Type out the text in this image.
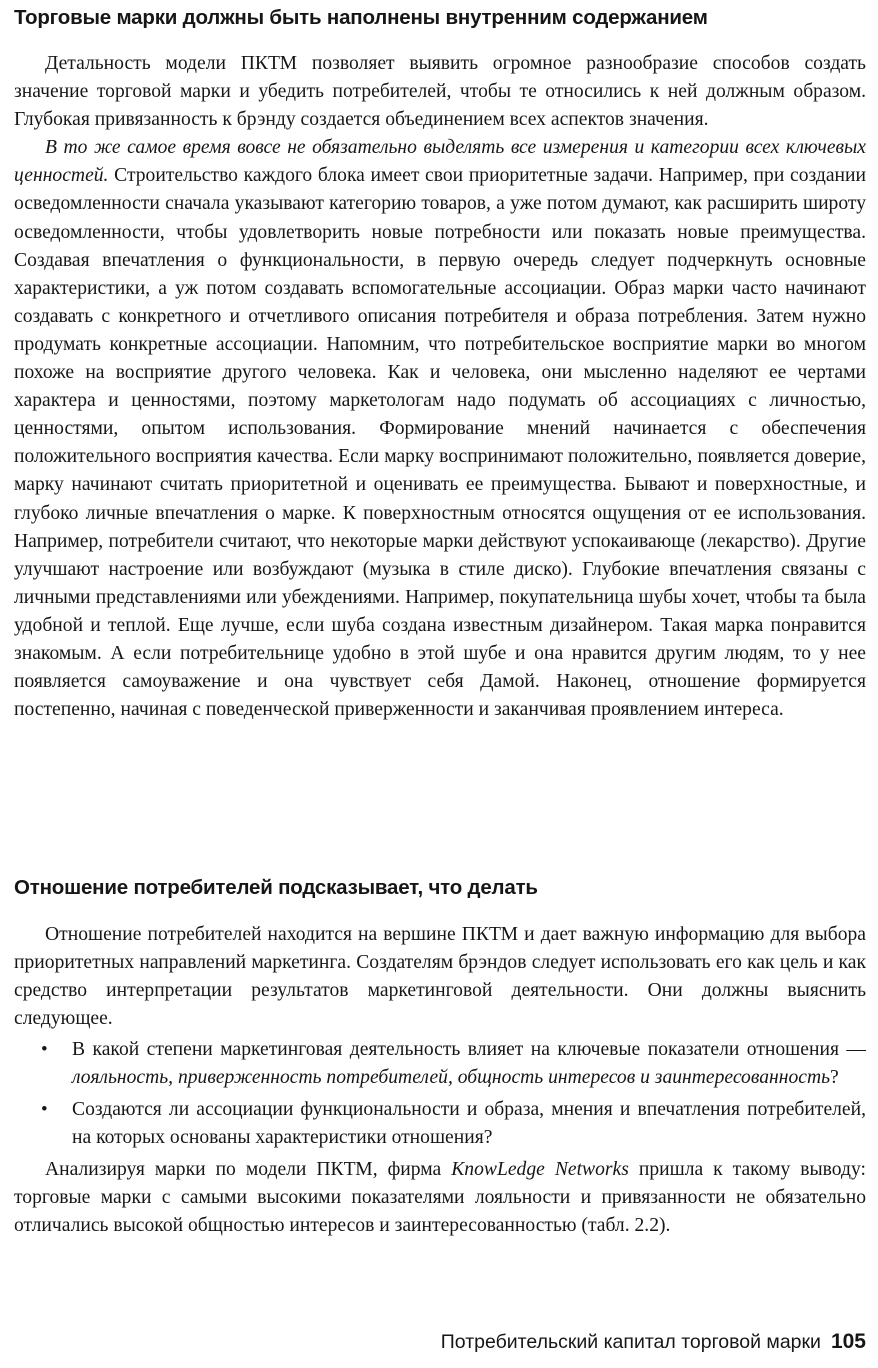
Торговые марки должны быть наполнены внутренним содержанием

Детальность модели ПКТМ позволяет выявить огромное разнообразие способов создать значение торговой марки и убедить потребителей, чтобы те относились к ней должным образом. Глубокая привязанность к брэнду создается объединением всех аспектов значения.

В то же самое время вовсе не обязательно выделять все измерения и категории всех ключевых ценностей. Строительство каждого блока имеет свои приоритетные задачи. Например, при создании осведомленности сначала указывают категорию товаров, а уже потом думают, как расширить широту осведомленности, чтобы удовлетворить новые потребности или показать новые преимущества. Создавая впечатления о функциональности, в первую очередь следует подчеркнуть основные характеристики, а уж потом создавать вспомогательные ассоциации. Образ марки часто начинают создавать с конкретного и отчетливого описания потребителя и образа потребления. Затем нужно продумать конкретные ассоциации. Напомним, что потребительское восприятие марки во многом похоже на восприятие другого человека. Как и человека, они мысленно наделяют ее чертами характера и ценностями, поэтому маркетологам надо подумать об ассоциациях с личностью, ценностями, опытом использования. Формирование мнений начинается с обеспечения положительного восприятия качества. Если марку воспринимают положительно, появляется доверие, марку начинают считать приоритетной и оценивать ее преимущества. Бывают и поверхностные, и глубоко личные впечатления о марке. К поверхностным относятся ощущения от ее использования. Например, потребители считают, что некоторые марки действуют успокаивающе (лекарство). Другие улучшают настроение или возбуждают (музыка в стиле диско). Глубокие впечатления связаны с личными представлениями или убеждениями. Например, покупательница шубы хочет, чтобы та была удобной и теплой. Еще лучше, если шуба создана известным дизайнером. Такая марка понравится знакомым. А если потребительнице удобно в этой шубе и она нравится другим людям, то у нее появляется самоуважение и она чувствует себя Дамой. Наконец, отношение формируется постепенно, начиная с поведенческой приверженности и заканчивая проявлением интереса.

Отношение потребителей подсказывает, что делать

Отношение потребителей находится на вершине ПКТМ и дает важную информацию для выбора приоритетных направлений маркетинга. Создателям брэндов следует использовать его как цель и как средство интерпретации результатов маркетинговой деятельности. Они должны выяснить следующее.

• В какой степени маркетинговая деятельность влияет на ключевые показатели отношения — лояльность, приверженность потребителей, общность интересов и заинтересованность?
• Создаются ли ассоциации функциональности и образа, мнения и впечатления потребителей, на которых основаны характеристики отношения?

Анализируя марки по модели ПКТМ, фирма KnowLedge Networks пришла к такому выводу: торговые марки с самыми высокими показателями лояльности и привязанности не обязательно отличались высокой общностью интересов и заинтересованностью (табл. 2.2).

Потребительский капитал торговой марки 105
